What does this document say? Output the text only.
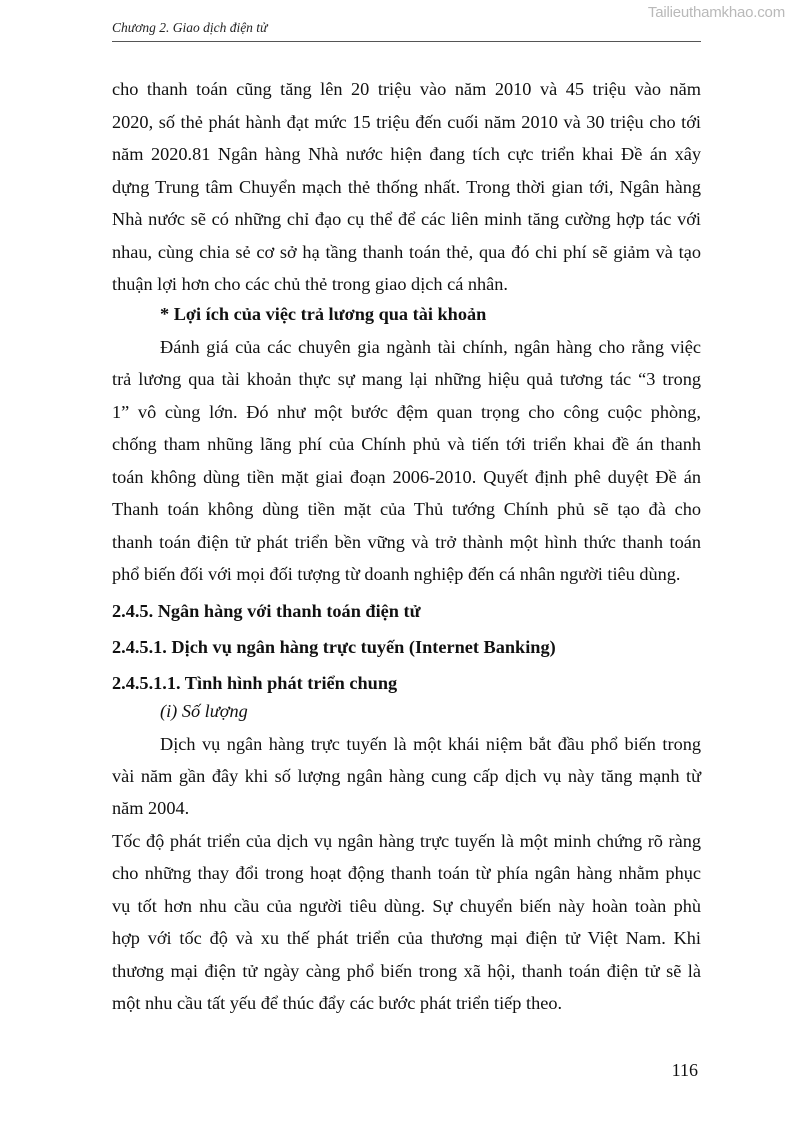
Tailieuthamkhao.com
Chương 2. Giao dịch điện tử
cho thanh toán cũng tăng lên 20 triệu vào năm 2010 và 45 triệu vào năm
2020, số thẻ phát hành đạt mức 15 triệu đến cuối năm 2010 và 30 triệu cho tới
năm 2020.81 Ngân hàng Nhà nước hiện đang tích cực triển khai Đề án xây
dựng Trung tâm Chuyển mạch thẻ thống nhất. Trong thời gian tới, Ngân hàng
Nhà nước sẽ có những chỉ đạo cụ thể để các liên minh tăng cường hợp tác với
nhau, cùng chia sẻ cơ sở hạ tầng thanh toán thẻ, qua đó chi phí sẽ giảm và tạo
thuận lợi hơn cho các chủ thẻ trong giao dịch cá nhân.
* Lợi ích của việc trả lương qua tài khoản
Đánh giá của các chuyên gia ngành tài chính, ngân hàng cho rằng việc
trả lương qua tài khoản thực sự mang lại những hiệu quả tương tác “3 trong
1” vô cùng lớn. Đó như một bước đệm quan trọng cho công cuộc phòng,
chống tham nhũng lãng phí của Chính phủ và tiến tới triển khai đề án thanh
toán không dùng tiền mặt giai đoạn 2006-2010. Quyết định phê duyệt Đề án
Thanh toán không dùng tiền mặt của Thủ tướng Chính phủ sẽ tạo đà cho
thanh toán điện tử phát triển bền vững và trở thành một hình thức thanh toán
phổ biến đối với mọi đối tượng từ doanh nghiệp đến cá nhân người tiêu dùng.
2.4.5. Ngân hàng với thanh toán điện tử
2.4.5.1. Dịch vụ ngân hàng trực tuyến (Internet Banking)
2.4.5.1.1. Tình hình phát triển chung
(i) Số lượng
Dịch vụ ngân hàng trực tuyến là một khái niệm bắt đầu phổ biến trong
vài năm gần đây khi số lượng ngân hàng cung cấp dịch vụ này tăng mạnh từ
năm 2004.
Tốc độ phát triển của dịch vụ ngân hàng trực tuyến là một minh chứng rõ ràng
cho những thay đổi trong hoạt động thanh toán từ phía ngân hàng nhằm phục
vụ tốt hơn nhu cầu của người tiêu dùng. Sự chuyển biến này hoàn toàn phù
hợp với tốc độ và xu thế phát triển của thương mại điện tử Việt Nam. Khi
thương mại điện tử ngày càng phổ biến trong xã hội, thanh toán điện tử sẽ là
một nhu cầu tất yếu để thúc đẩy các bước phát triển tiếp theo.
116
